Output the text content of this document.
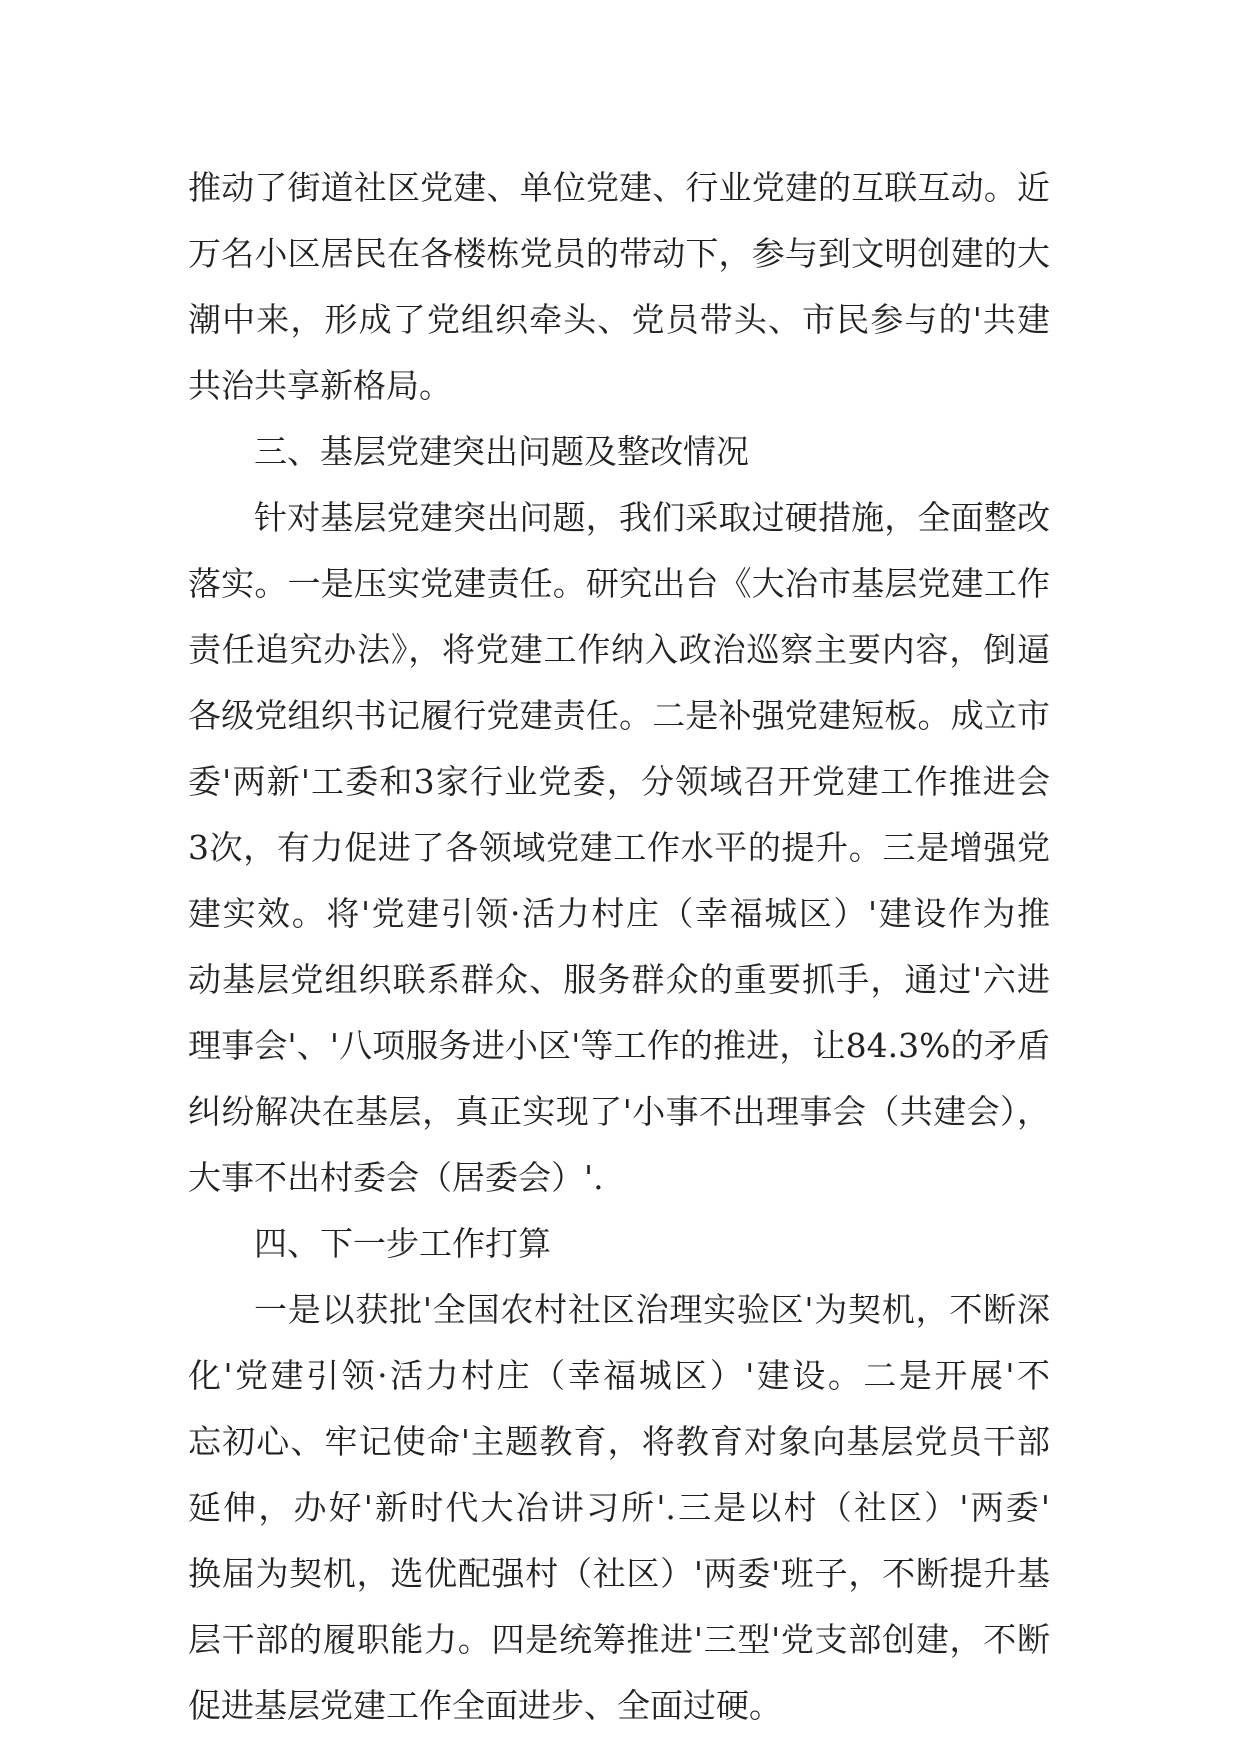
推动了街道社区党建、单位党建、行业党建的互联互动。近
万名小区居民在各楼栋党员的带动下，参与到文明创建的大
潮中来，形成了党组织牵头、党员带头、市民参与的'共建
共治共享新格局。
三、基层党建突出问题及整改情况
针对基层党建突出问题，我们采取过硬措施，全面整改
落实。一是压实党建责任。研究出台《大冶市基层党建工作
责任追究办法》，将党建工作纳入政治巡察主要内容，倒逼
各级党组织书记履行党建责任。二是补强党建短板。成立市
委'两新'工委和3家行业党委，分领域召开党建工作推进会
3次，有力促进了各领域党建工作水平的提升。三是增强党
建实效。将'党建引领·活力村庄（幸福城区）'建设作为推
动基层党组织联系群众、服务群众的重要抓手，通过'六进
理事会'、'八项服务进小区'等工作的推进，让84.3%的矛盾
纠纷解决在基层，真正实现了'小事不出理事会（共建会），
大事不出村委会（居委会）'.
四、下一步工作打算
一是以获批'全国农村社区治理实验区'为契机，不断深
化'党建引领·活力村庄（幸福城区）'建设。二是开展'不
忘初心、牢记使命'主题教育，将教育对象向基层党员干部
延伸，办好'新时代大冶讲习所'.三是以村（社区）'两委'
换届为契机，选优配强村（社区）'两委'班子，不断提升基
层干部的履职能力。四是统筹推进'三型'党支部创建，不断
促进基层党建工作全面进步、全面过硬。
